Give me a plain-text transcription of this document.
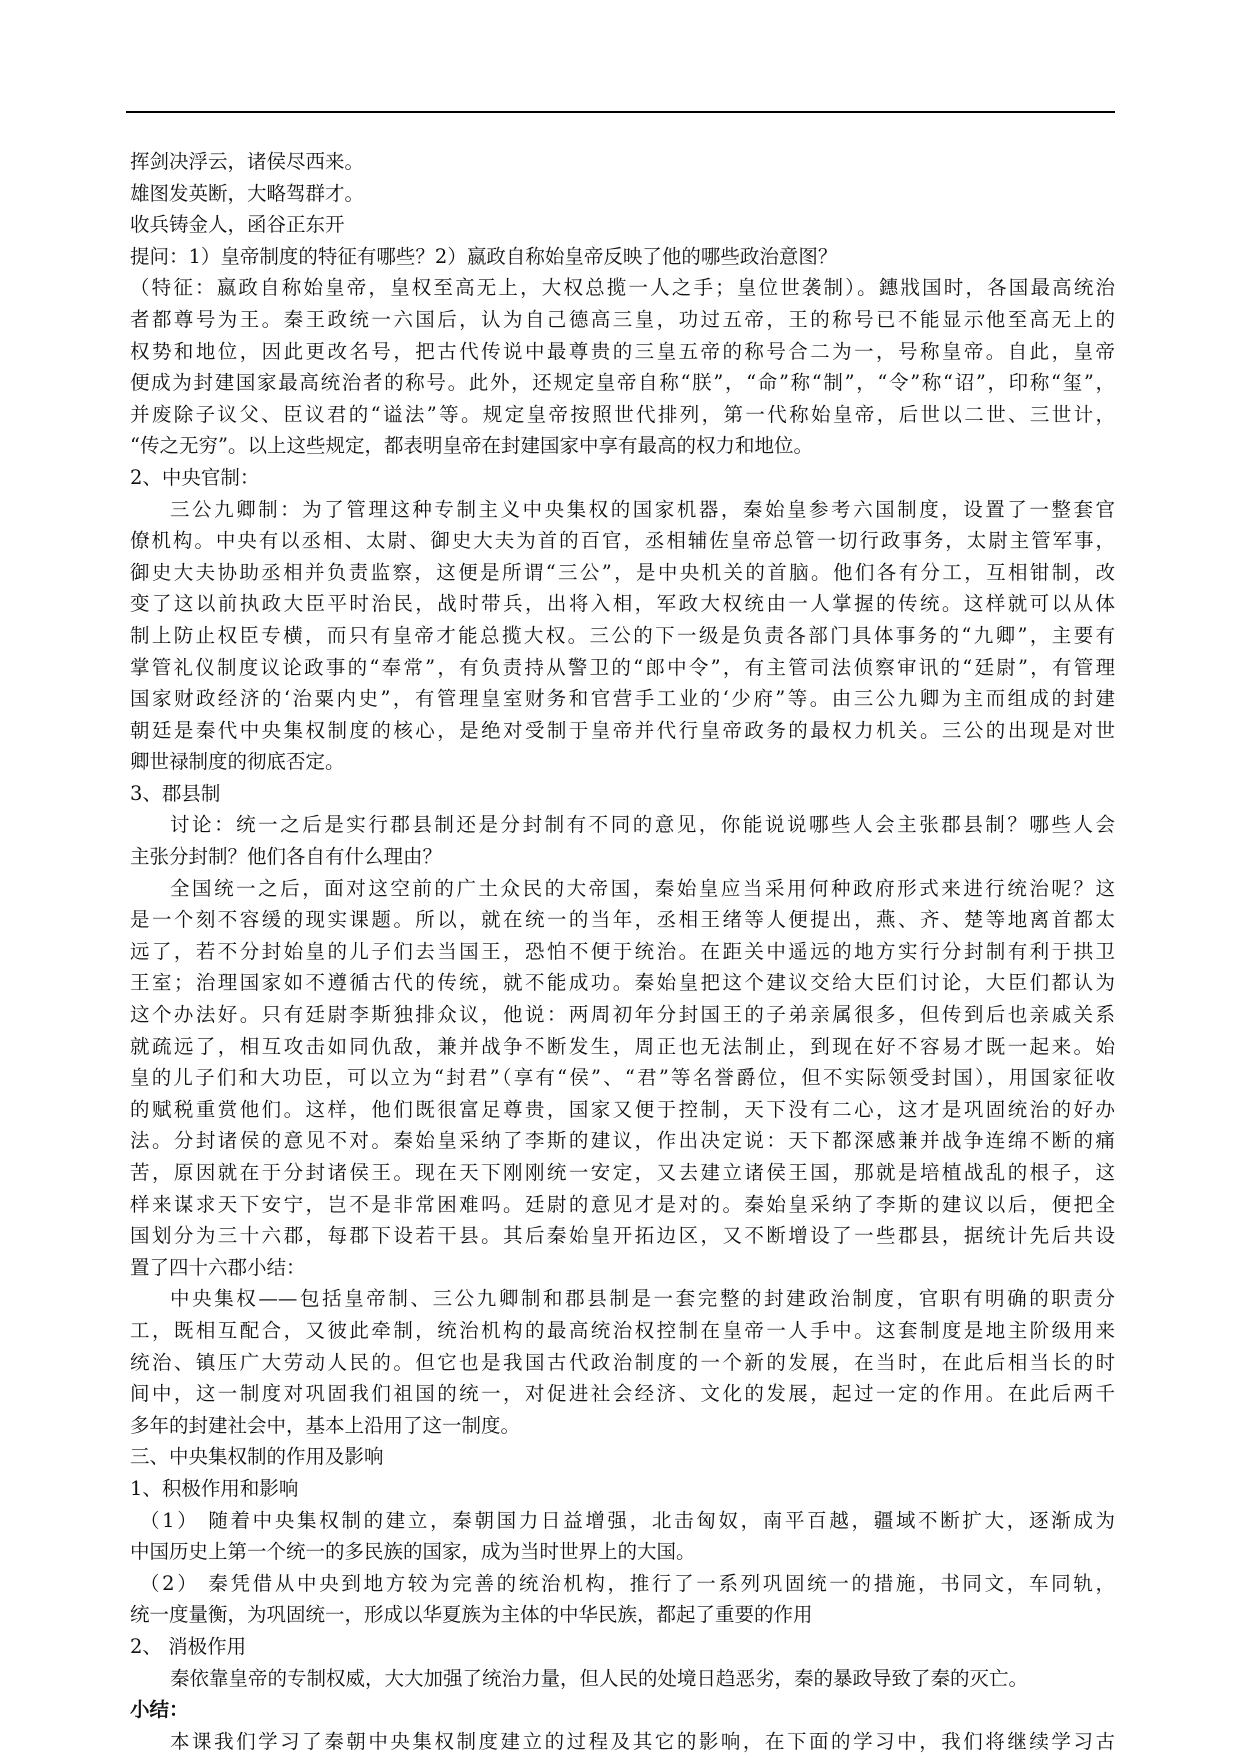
挥剑决浮云，诸侯尽西来。
雄图发英断，大略驾群才。
收兵铸金人，函谷正东开
提问：1）皇帝制度的特征有哪些？2）嬴政自称始皇帝反映了他的哪些政治意图？
（特征：嬴政自称始皇帝，皇权至高无上，大权总揽一人之手；皇位世袭制）。鏸戕国时，各国最高统治
者都尊号为王。秦王政统一六国后，认为自己德高三皇，功过五帝，王的称号已不能显示他至高无上的
权势和地位，因此更改名号，把古代传说中最尊贵的三皇五帝的称号合二为一，号称皇帝。自此，皇帝
便成为封建国家最高统治者的称号。此外，还规定皇帝自称“朕”，“命”称“制”，“令”称“诏”，印称“玺”，
并废除子议父、臣议君的“谥法”等。规定皇帝按照世代排列，第一代称始皇帝，后世以二世、三世计，
“传之无穷”。以上这些规定，都表明皇帝在封建国家中享有最高的权力和地位。
2、中央官制：
三公九卿制：为了管理这种专制主义中央集权的国家机器，秦始皇参考六国制度，设置了一整套官
僚机构。中央有以丞相、太尉、御史大夫为首的百官，丞相辅佐皇帝总管一切行政事务，太尉主管军事，
御史大夫协助丞相并负责监察，这便是所谓“三公”，是中央机关的首脑。他们各有分工，互相钳制，改
变了这以前执政大臣平时治民，战时带兵，出将入相，军政大权统由一人掌握的传统。这样就可以从体
制上防止权臣专横，而只有皇帝才能总揽大权。三公的下一级是负责各部门具体事务的“九卿”，主要有
掌管礼仪制度议论政事的“奉常”，有负责持从警卫的“郎中令”，有主管司法侦察审讯的“廷尉”，有管理
国家财政经济的‘治粟内史”，有管理皇室财务和官营手工业的‘少府”等。由三公九卿为主而组成的封建
朝廷是秦代中央集权制度的核心，是绝对受制于皇帝并代行皇帝政务的最权力机关。三公的出现是对世
卿世禄制度的彻底否定。
3、郡县制
讨论：统一之后是实行郡县制还是分封制有不同的意见，你能说说哪些人会主张郡县制？哪些人会
主张分封制？他们各自有什么理由？
全国统一之后，面对这空前的广土众民的大帝国，秦始皇应当采用何种政府形式来进行统治呢？这
是一个刻不容缓的现实课题。所以，就在统一的当年，丞相王绪等人便提出，燕、齐、楚等地离首都太
远了，若不分封始皇的儿子们去当国王，恐怕不便于统治。在距关中遥远的地方实行分封制有利于拱卫
王室；治理国家如不遵循古代的传统，就不能成功。秦始皇把这个建议交给大臣们讨论，大臣们都认为
这个办法好。只有廷尉李斯独排众议，他说：两周初年分封国王的子弟亲属很多，但传到后也亲戚关系
就疏远了，相互攻击如同仇敌，兼并战争不断发生，周正也无法制止，到现在好不容易才既一起来。始
皇的儿子们和大功臣，可以立为“封君”（享有“侯”、“君”等名誉爵位，但不实际领受封国），用国家征收
的赋税重赏他们。这样，他们既很富足尊贵，国家又便于控制，天下没有二心，这才是巩固统治的好办
法。分封诸侯的意见不对。秦始皇采纳了李斯的建议，作出决定说：天下都深感兼并战争连绵不断的痛
苦，原因就在于分封诸侯王。现在天下刚刚统一安定，又去建立诸侯王国，那就是培植战乱的根子，这
样来谋求天下安宁，岂不是非常困难吗。廷尉的意见才是对的。秦始皇采纳了李斯的建议以后，便把全
国划分为三十六郡，每郡下设若干县。其后秦始皇开拓边区，又不断增设了一些郡县，据统计先后共设
置了四十六郡小结：
中央集权——包括皇帝制、三公九卿制和郡县制是一套完整的封建政治制度，官职有明确的职责分
工，既相互配合，又彼此牵制，统治机构的最高统治权控制在皇帝一人手中。这套制度是地主阶级用来
统治、镇压广大劳动人民的。但它也是我国古代政治制度的一个新的发展，在当时，在此后相当长的时
间中，这一制度对巩固我们祖国的统一，对促进社会经济、文化的发展，起过一定的作用。在此后两千
多年的封建社会中，基本上沿用了这一制度。
三、中央集权制的作用及影响
1、积极作用和影响
（1） 随着中央集权制的建立，秦朝国力日益增强，北击匈奴，南平百越，疆域不断扩大，逐渐成为
中国历史上第一个统一的多民族的国家，成为当时世界上的大国。
（2） 秦凭借从中央到地方较为完善的统治机构，推行了一系列巩固统一的措施，书同文，车同轨，
统一度量衡，为巩固统一，形成以华夏族为主体的中华民族，都起了重要的作用
2、 消极作用
秦依靠皇帝的专制权威，大大加强了统治力量，但人民的处境日趋恶劣，秦的暴政导致了秦的灭亡。
小结：
本课我们学习了秦朝中央集权制度建立的过程及其它的影响，在下面的学习中，我们将继续学习古
